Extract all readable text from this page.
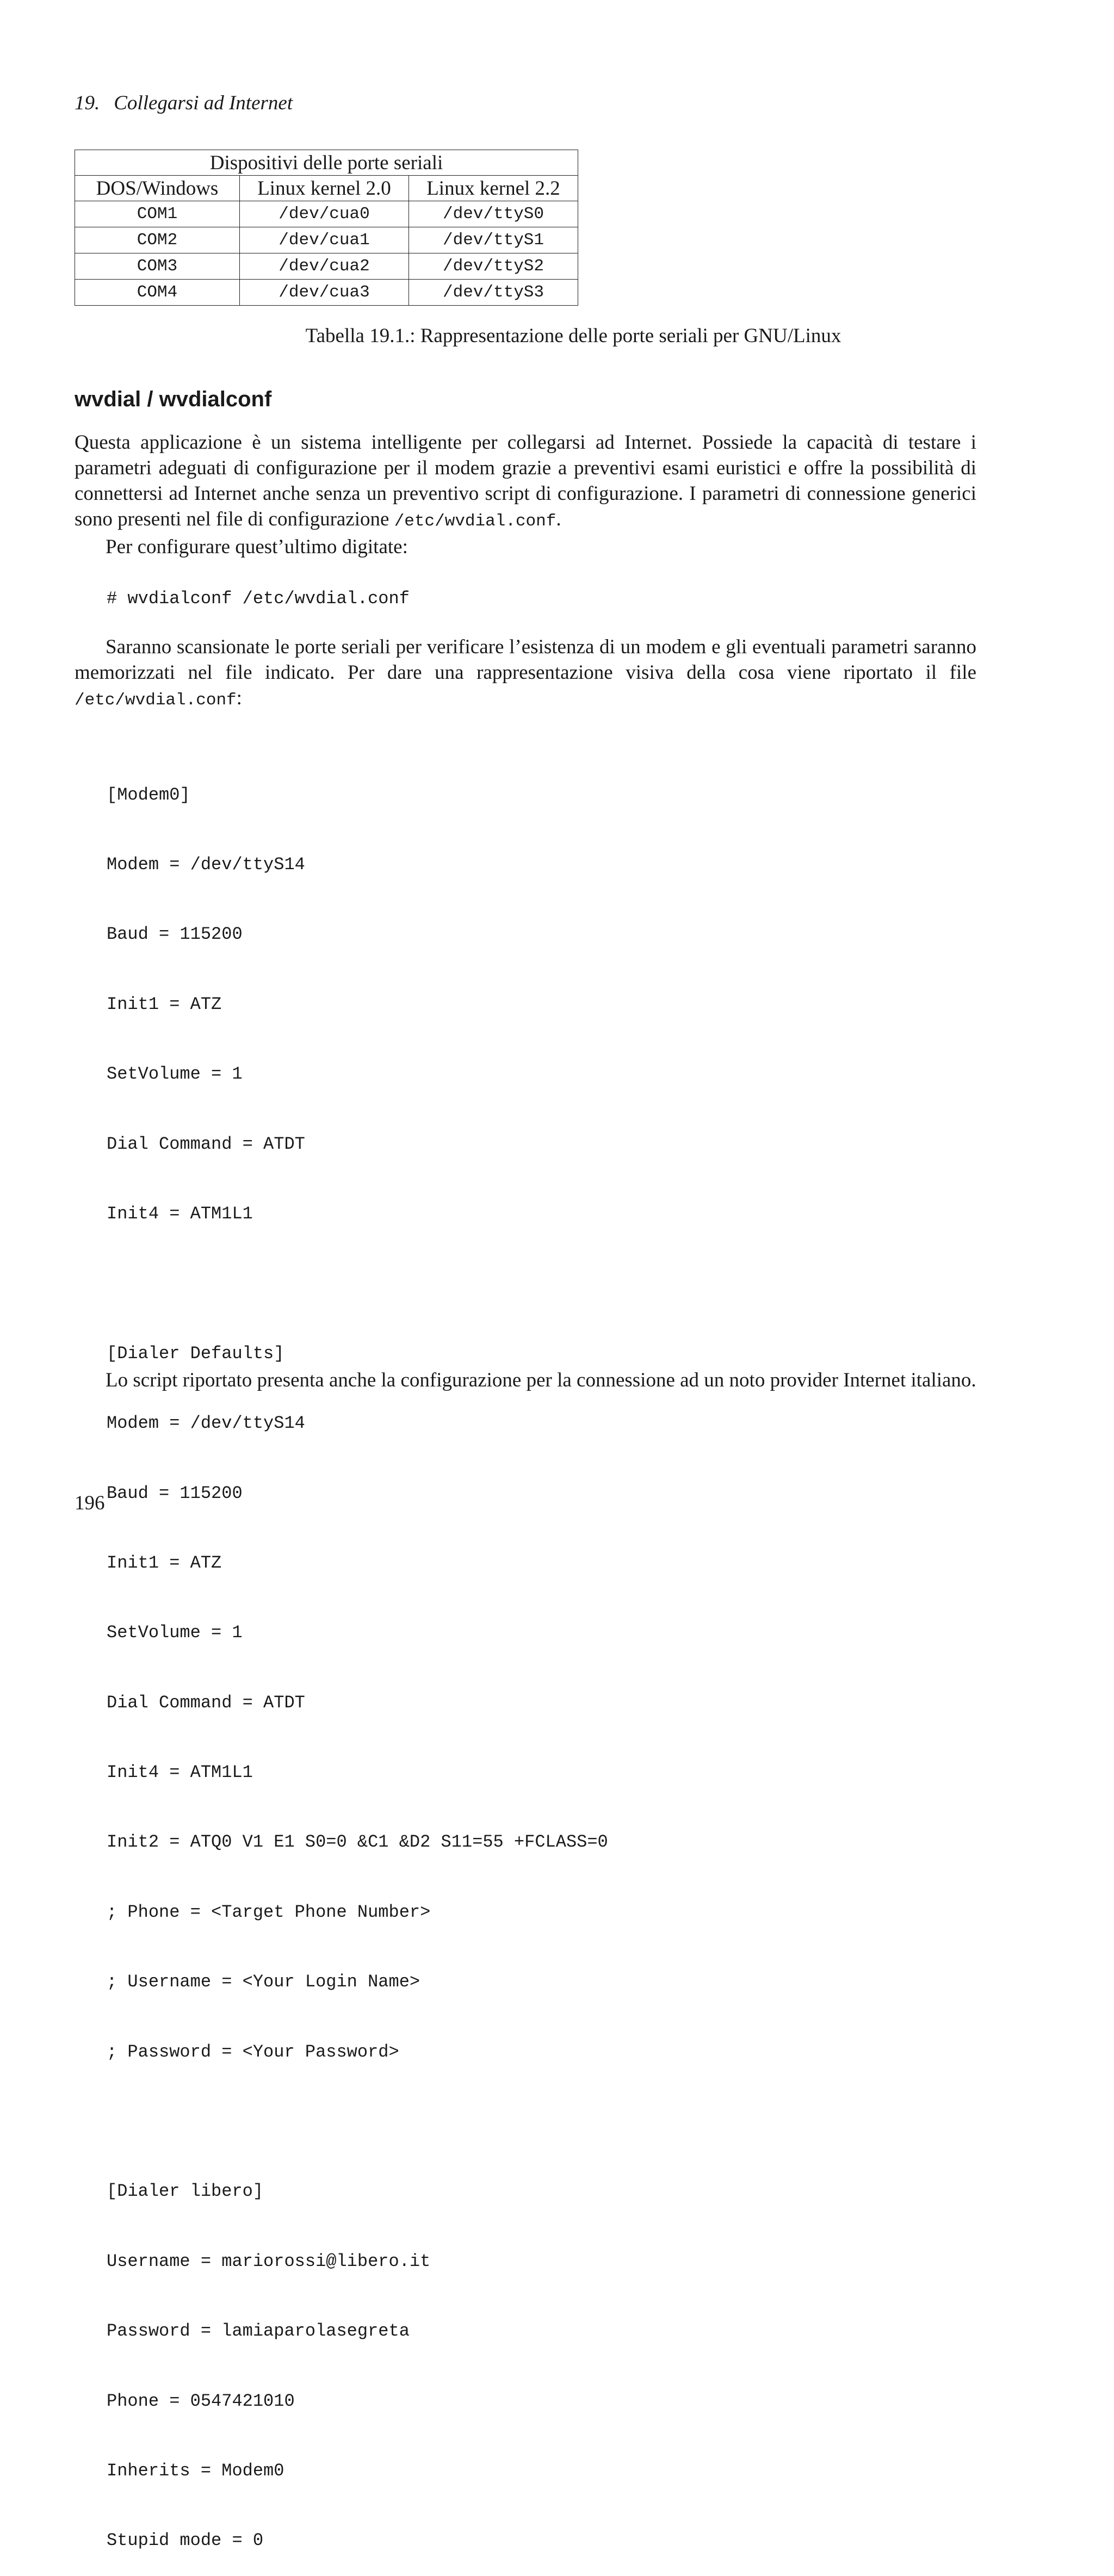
19. Collegarsi ad Internet
Dispositivi delle porte seriali		
DOS/Windows	Linux kernel 2.0	Linux kernel 2.2
COM1	/dev/cua0	/dev/ttyS0
COM2	/dev/cua1	/dev/ttyS1
COM3	/dev/cua2	/dev/ttyS2
COM4	/dev/cua3	/dev/ttyS3
Tabella 19.1.: Rappresentazione delle porte seriali per GNU/Linux
wvdial / wvdialconf

Questa applicazione è un sistema intelligente per collegarsi ad Internet. Possiede la capacità di testare i parametri adeguati di configurazione per il modem grazie a preventivi esami euristici e offre la possibilità di connettersi ad Internet anche senza un preventivo script di configurazione. I parametri di connessione generici sono presenti nel file di configurazione /etc/wvdial.conf.

Per configurare quest’ultimo digitate:

# wvdialconf /etc/wvdial.conf

Saranno scansionate le porte seriali per verificare l’esistenza di un modem e gli eventuali parametri saranno memorizzati nel file indicato. Per dare una rappresentazione visiva della cosa viene riportato il file /etc/wvdial.conf:

[Modem0]

Modem = /dev/ttyS14

Baud = 115200

Init1 = ATZ

SetVolume = 1

Dial Command = ATDT

Init4 = ATM1L1

[Dialer Defaults]

Modem = /dev/ttyS14

Baud = 115200

Init1 = ATZ

SetVolume = 1

Dial Command = ATDT

Init4 = ATM1L1

Init2 = ATQ0 V1 E1 S0=0 &C1 &D2 S11=55 +FCLASS=0

; Phone = <Target Phone Number>

; Username = <Your Login Name>

; Password = <Your Password>

[Dialer libero]

Username = mariorossi@libero.it

Password = lamiaparolasegreta

Phone = 0547421010

Inherits = Modem0

Stupid mode = 0

Lo script riportato presenta anche la configurazione per la connessione ad un noto provider Internet italiano.

196
